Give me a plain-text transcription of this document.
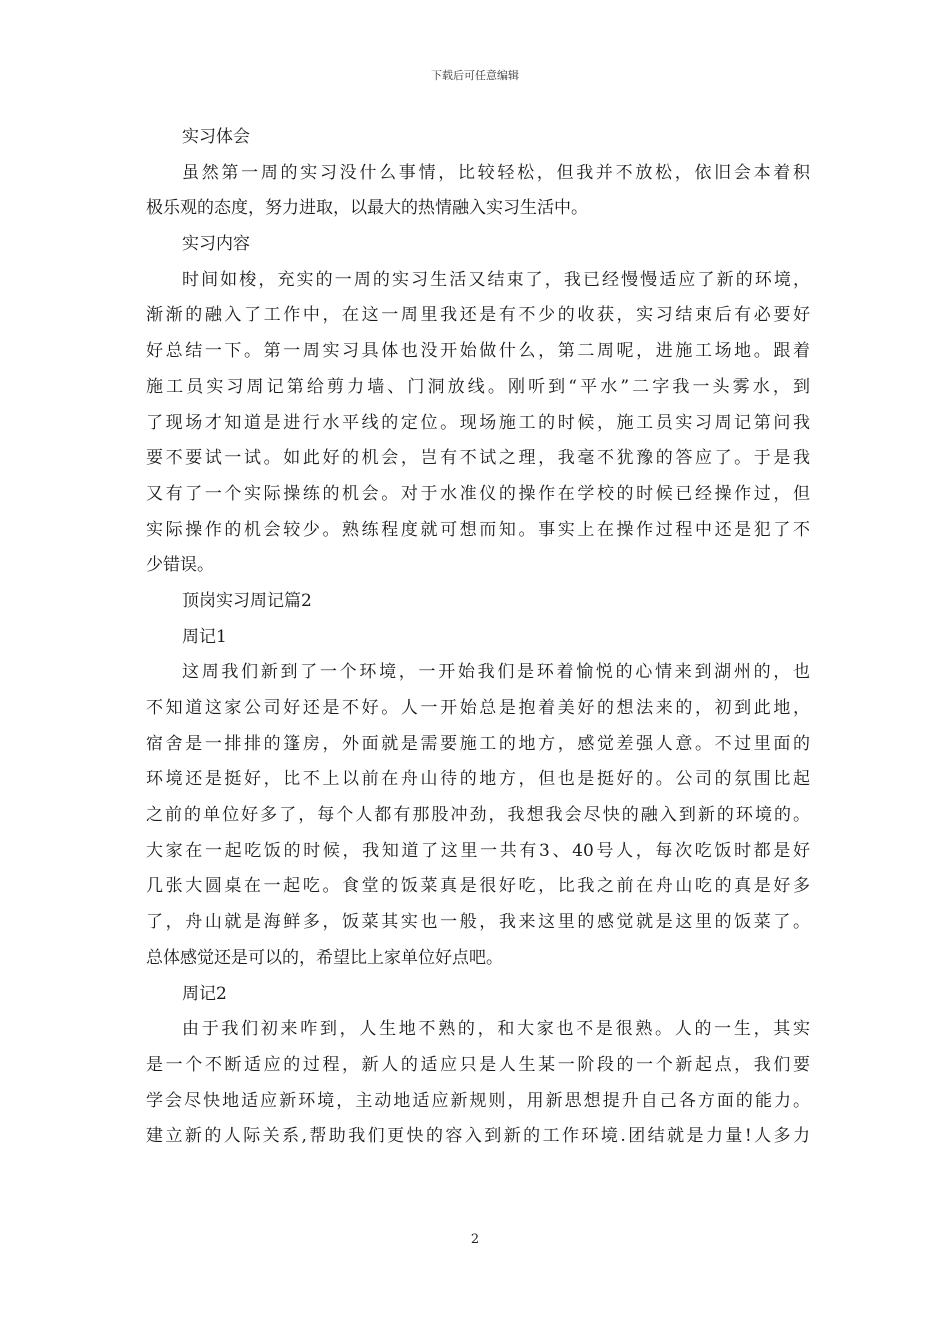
下载后可任意编辑
实习体会
虽然第一周的实习没什么事情，比较轻松，但我并不放松，依旧会本着积
极乐观的态度，努力进取，以最大的热情融入实习生活中。
实习内容
时间如梭，充实的一周的实习生活又结束了，我已经慢慢适应了新的环境，
渐渐的融入了工作中，在这一周里我还是有不少的收获，实习结束后有必要好
好总结一下。第一周实习具体也没开始做什么，第二周呢，进施工场地。跟着
施工员实习周记第给剪力墙、门洞放线。刚听到“平水”二字我一头雾水，到
了现场才知道是进行水平线的定位。现场施工的时候，施工员实习周记第问我
要不要试一试。如此好的机会，岂有不试之理，我毫不犹豫的答应了。于是我
又有了一个实际操练的机会。对于水准仪的操作在学校的时候已经操作过，但
实际操作的机会较少。熟练程度就可想而知。事实上在操作过程中还是犯了不
少错误。
顶岗实习周记篇2
周记1
这周我们新到了一个环境，一开始我们是环着愉悦的心情来到湖州的，也
不知道这家公司好还是不好。人一开始总是抱着美好的想法来的，初到此地，
宿舍是一排排的篷房，外面就是需要施工的地方，感觉差强人意。不过里面的
环境还是挺好，比不上以前在舟山待的地方，但也是挺好的。公司的氛围比起
之前的单位好多了，每个人都有那股冲劲，我想我会尽快的融入到新的环境的。
大家在一起吃饭的时候，我知道了这里一共有3、40号人，每次吃饭时都是好
几张大圆桌在一起吃。食堂的饭菜真是很好吃，比我之前在舟山吃的真是好多
了，舟山就是海鲜多，饭菜其实也一般，我来这里的感觉就是这里的饭菜了。
总体感觉还是可以的，希望比上家单位好点吧。
周记2
由于我们初来咋到，人生地不熟的，和大家也不是很熟。人的一生，其实
是一个不断适应的过程，新人的适应只是人生某一阶段的一个新起点，我们要
学会尽快地适应新环境，主动地适应新规则，用新思想提升自己各方面的能力。
建立新的人际关系,帮助我们更快的容入到新的工作环境.团结就是力量!人多力
2
